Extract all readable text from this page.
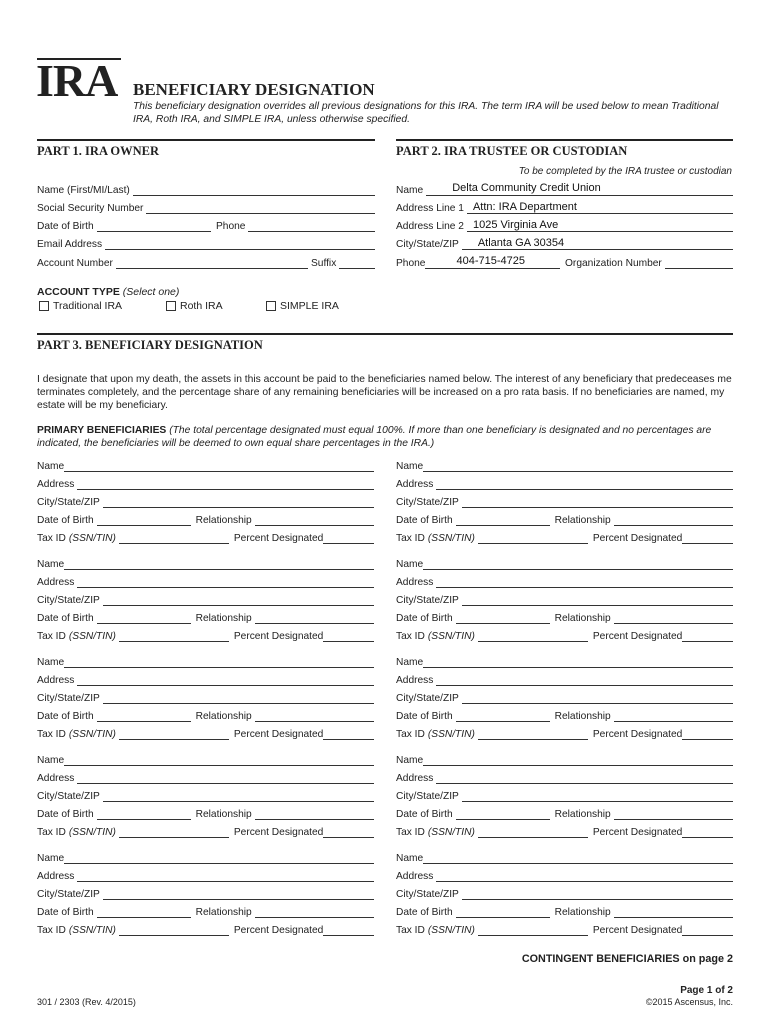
IRA BENEFICIARY DESIGNATION
This beneficiary designation overrides all previous designations for this IRA. The term IRA will be used below to mean Traditional IRA, Roth IRA, and SIMPLE IRA, unless otherwise specified.
PART 1. IRA OWNER	PART 2. IRA TRUSTEE OR CUSTODIAN
To be completed by the IRA trustee or custodian
Name (First/MI/Last)
Social Security Number
Date of Birth	Phone
Email Address
Account Number	Suffix
ACCOUNT TYPE (Select one)
Traditional IRA	Roth IRA	SIMPLE IRA
Name	Delta Community Credit Union
Address Line 1 Attn: IRA Department
Address Line 2 1025 Virginia Ave
City/State/ZIP Atlanta GA 30354
Phone	404-715-4725	Organization Number
PART 3. BENEFICIARY DESIGNATION
I designate that upon my death, the assets in this account be paid to the beneficiaries named below. The interest of any beneficiary that predeceases me terminates completely, and the percentage share of any remaining beneficiaries will be increased on a pro rata basis. If no beneficiaries are named, my estate will be my beneficiary.
PRIMARY BENEFICIARIES (The total percentage designated must equal 100%. If more than one beneficiary is designated and no percentages are indicated, the beneficiaries will be deemed to own equal share percentages in the IRA.)
Name
Address
City/State/ZIP
Date of Birth	Relationship
Tax ID (SSN/TIN)	Percent Designated
Name
Address
City/State/ZIP
Date of Birth	Relationship
Tax ID (SSN/TIN)	Percent Designated
Name
Address
City/State/ZIP
Date of Birth	Relationship
Tax ID (SSN/TIN)	Percent Designated
Name
Address
City/State/ZIP
Date of Birth	Relationship
Tax ID (SSN/TIN)	Percent Designated
Name
Address
City/State/ZIP
Date of Birth	Relationship
Tax ID (SSN/TIN)	Percent Designated
Name
Address
City/State/ZIP
Date of Birth	Relationship
Tax ID (SSN/TIN)	Percent Designated
Name
Address
City/State/ZIP
Date of Birth	Relationship
Tax ID (SSN/TIN)	Percent Designated
Name
Address
City/State/ZIP
Date of Birth	Relationship
Tax ID (SSN/TIN)	Percent Designated
Name
Address
City/State/ZIP
Date of Birth	Relationship
Tax ID (SSN/TIN)	Percent Designated
Name
Address
City/State/ZIP
Date of Birth	Relationship
Tax ID (SSN/TIN)	Percent Designated
CONTINGENT BENEFICIARIES on page 2
Page 1 of 2
©2015 Ascensus, Inc.
301 / 2303 (Rev. 4/2015)
